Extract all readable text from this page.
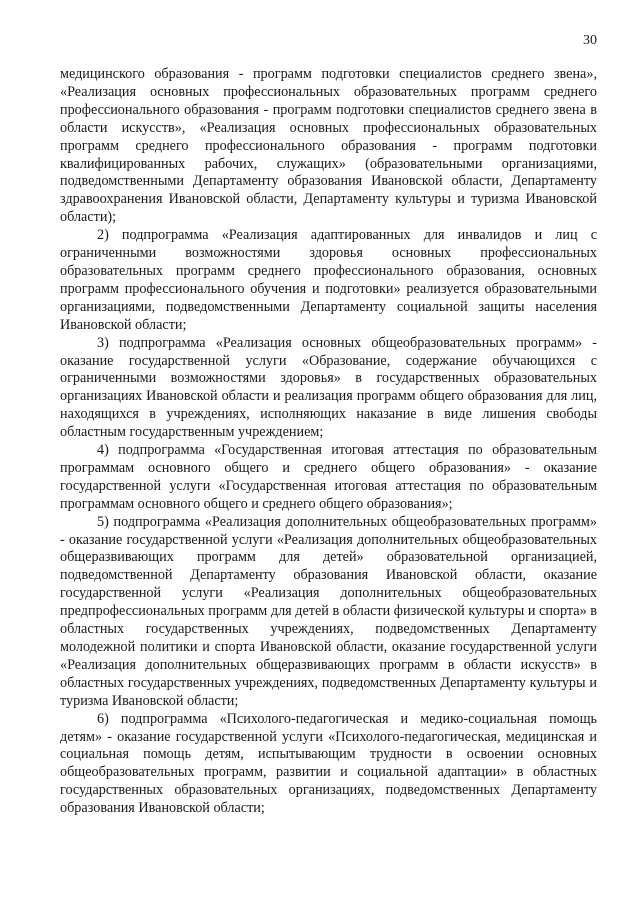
30

медицинского образования - программ подготовки специалистов среднего звена», «Реализация основных профессиональных образовательных программ среднего профессионального образования - программ подготовки специалистов среднего звена в области искусств», «Реализация основных профессиональных образовательных программ среднего профессионального образования - программ подготовки квалифицированных рабочих, служащих» (образовательными организациями, подведомственными Департаменту образования Ивановской области, Департаменту здравоохранения Ивановской области, Департаменту культуры и туризма Ивановской области);

2) подпрограмма «Реализация адаптированных для инвалидов и лиц с ограниченными возможностями здоровья основных профессиональных образовательных программ среднего профессионального образования, основных программ профессионального обучения и подготовки» реализуется образовательными организациями, подведомственными Департаменту социальной защиты населения Ивановской области;

3) подпрограмма «Реализация основных общеобразовательных программ» - оказание государственной услуги «Образование, содержание обучающихся с ограниченными возможностями здоровья» в государственных образовательных организациях Ивановской области и реализация программ общего образования для лиц, находящихся в учреждениях, исполняющих наказание в виде лишения свободы областным государственным учреждением;

4) подпрограмма «Государственная итоговая аттестация по образовательным программам основного общего и среднего общего образования» - оказание государственной услуги «Государственная итоговая аттестация по образовательным программам основного общего и среднего общего образования»;

5) подпрограмма «Реализация дополнительных общеобразовательных программ» - оказание государственной услуги «Реализация дополнительных общеобразовательных общеразвивающих программ для детей» образовательной организацией, подведомственной Департаменту образования Ивановской области, оказание государственной услуги «Реализация дополнительных общеобразовательных предпрофессиональных программ для детей в области физической культуры и спорта» в областных государственных учреждениях, подведомственных Департаменту молодежной политики и спорта Ивановской области, оказание государственной услуги «Реализация дополнительных общеразвивающих программ в области искусств» в областных государственных учреждениях, подведомственных Департаменту культуры и туризма Ивановской области;

6) подпрограмма «Психолого-педагогическая и медико-социальная помощь детям» - оказание государственной услуги «Психолого-педагогическая, медицинская и социальная помощь детям, испытывающим трудности в освоении основных общеобразовательных программ, развитии и социальной адаптации» в областных государственных образовательных организациях, подведомственных Департаменту образования Ивановской области;
